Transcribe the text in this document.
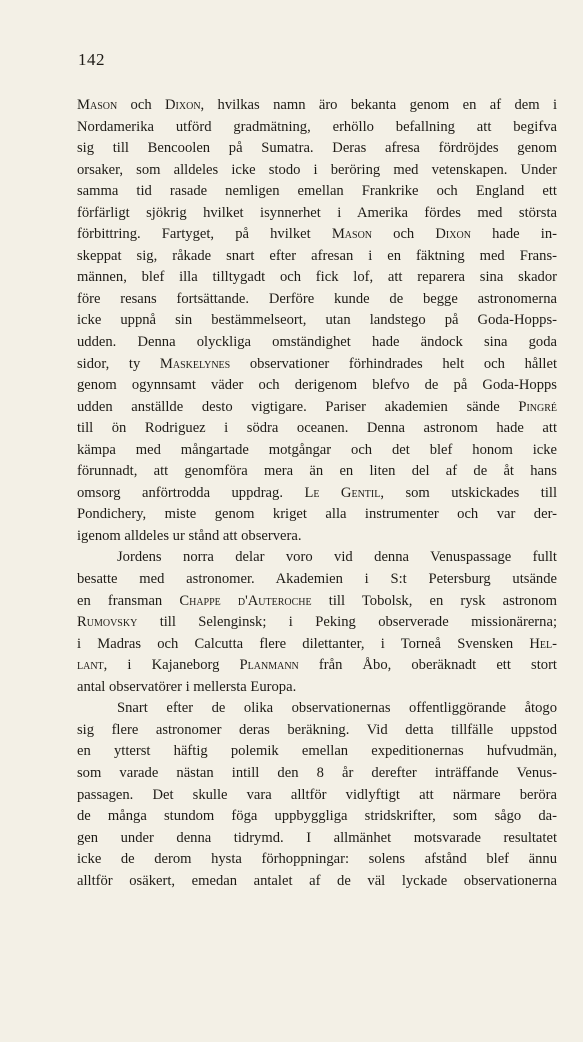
142
Mason och Dixon, hvilkas namn äro bekanta genom en af dem i
Nordamerika utförd gradmätning, erhöllo befallning att begifva
sig till Bencoolen på Sumatra. Deras afresa fördröjdes genom
orsaker, som alldeles icke stodo i beröring med vetenskapen. Under
samma tid rasade nemligen emellan Frankrike och England ett
förfärligt sjökrig hvilket isynnerhet i Amerika fördes med största
förbittring. Fartyget, på hvilket Mason och Dixon hade in-
skeppat sig, råkade snart efter afresan i en fäktning med Frans-
männen, blef illa tilltygadt och fick lof, att reparera sina skador
före resans fortsättande. Derföre kunde de begge astronomerna
icke uppnå sin bestämmelseort, utan landstego på Goda-Hopps-
udden. Denna olyckliga omständighet hade ändock sina goda
sidor, ty Maskelynes observationer förhindrades helt och hållet
genom ogynnsamt väder och derigenom blefvo de på Goda-Hopps
udden anställde desto vigtigare. Pariser akademien sände Pingré
till ön Rodriguez i södra oceanen. Denna astronom hade att
kämpa med mångartade motgångar och det blef honom icke
förunnadt, att genomföra mera än en liten del af de åt hans
omsorg anförtrodda uppdrag. Le Gentil, som utskickades till
Pondichery, miste genom kriget alla instrumenter och var der-
igenom alldeles ur stånd att observera.
Jordens norra delar voro vid denna Venuspassage fullt
besatte med astronomer. Akademien i S:t Petersburg utsände
en fransman Chappe d'Auteroche till Tobolsk, en rysk astronom
Rumovsky till Selenginsk; i Peking observerade missionärerna;
i Madras och Calcutta flere dilettanter, i Torneå Svensken Hel-
lant, i Kajaneborg Planmann från Åbo, oberäknadt ett stort
antal observatörer i mellersta Europa.
Snart efter de olika observationernas offentliggörande åtogo
sig flere astronomer deras beräkning. Vid detta tillfälle uppstod
en ytterst häftig polemik emellan expeditionernas hufvudmän,
som varade nästan intill den 8 år derefter inträffande Venus-
passagen. Det skulle vara alltför vidlyftigt att närmare beröra
de många stundom föga uppbyggliga stridskrifter, som sågo da-
gen under denna tidrymd. I allmänhet motsvarade resultatet
icke de derom hysta förhoppningar: solens afstånd blef ännu
alltför osäkert, emedan antalet af de väl lyckade observationerna
